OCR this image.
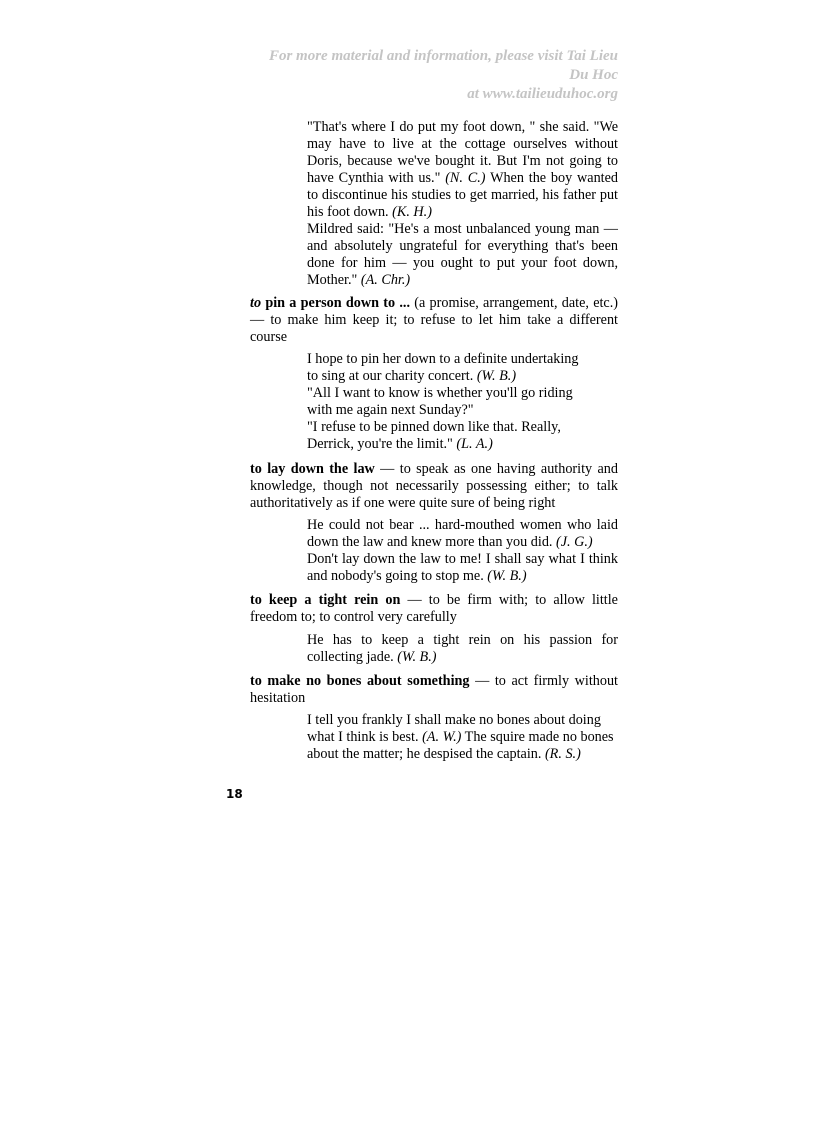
For more material and information, please visit Tai Lieu
Du Hoc
at www.tailieuduhoc.org

"That's where I do put my foot down, " she said. "We may have to live at the cottage ourselves without Doris, because we've bought it. But I'm not going to have Cynthia with us." (N. C.) When the boy wanted to discontinue his studies to get married, his father put his foot down. (K. H.)

Mildred said: "He's a most unbalanced young man — and absolutely ungrateful for everything that's been done for him — you ought to put your foot down, Mother." (A. Chr.)

to pin a person down to ... (a promise, arrangement, date, etc.) — to make him keep it; to refuse to let him take a different course

I hope to pin her down to a definite undertaking

to sing at our charity concert. (W. B.)

"All I want to know is whether you'll go riding

with me again next Sunday?"

"I refuse to be pinned down like that. Really,

Derrick, you're the limit." (L. A.)

to lay down the law — to speak as one having authority and knowledge, though not necessarily possessing either; to talk authoritatively as if one were quite sure of being right

He could not bear ... hard-mouthed women who laid down the law and knew more than you did. (J. G.)

Don't lay down the law to me! I shall say what I think and nobody's going to stop me. (W. B.)

to keep a tight rein on — to be firm with; to allow little freedom to; to control very carefully

He has to keep a tight rein on his passion for collecting jade. (W. B.)

to make no bones about something — to act firmly without hesitation

I tell you frankly I shall make no bones about doing what I think is best. (A. W.) The squire made no bones about the matter; he despised the captain. (R. S.)

18
